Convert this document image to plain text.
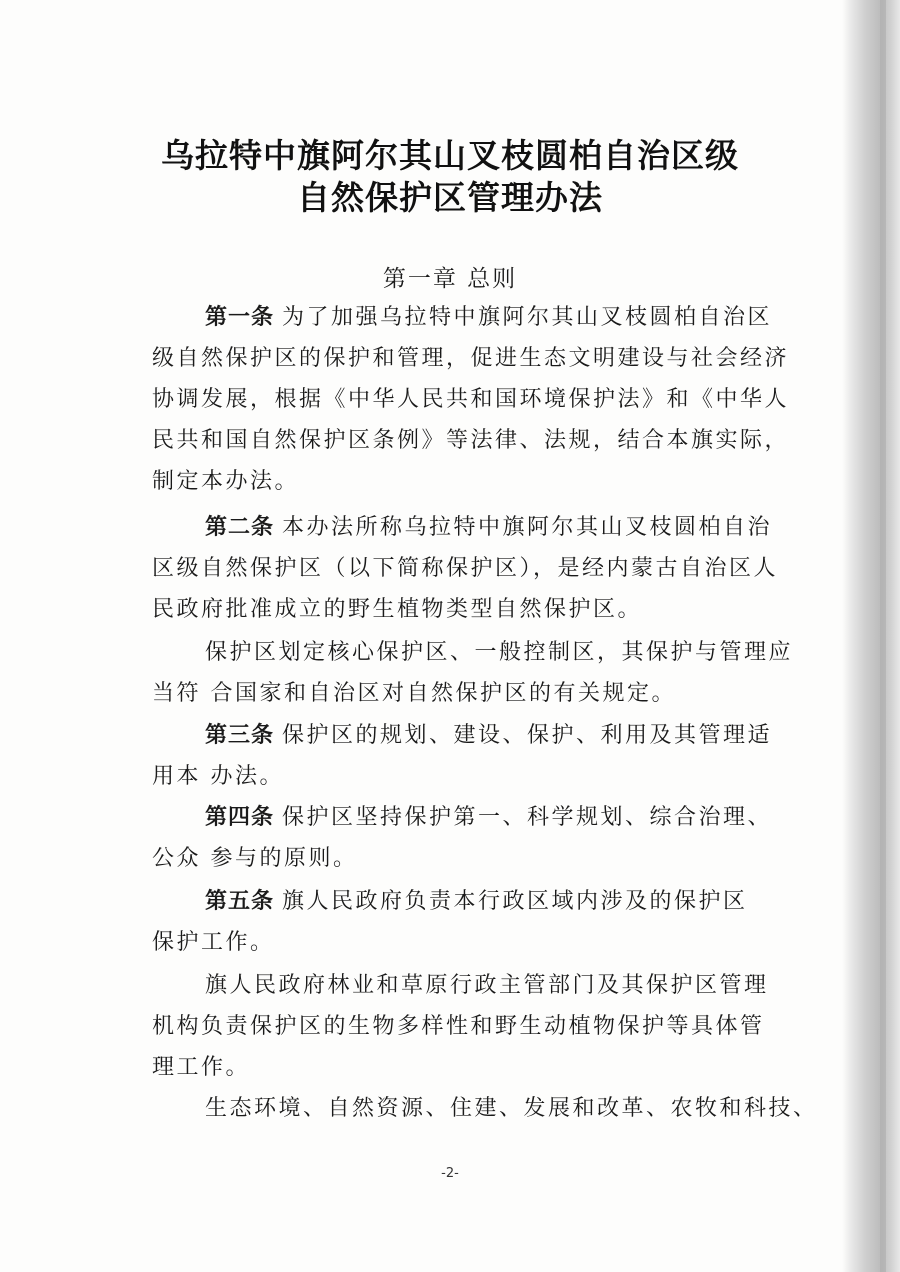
乌拉特中旗阿尔其山叉枝圆柏自治区级
自然保护区管理办法
第一章 总则
第一条 为了加强乌拉特中旗阿尔其山叉枝圆柏自治区
级自然保护区的保护和管理，促进生态文明建设与社会经济
协调发展，根据《中华人民共和国环境保护法》和《中华人
民共和国自然保护区条例》等法律、法规，结合本旗实际，
制定本办法。
第二条 本办法所称乌拉特中旗阿尔其山叉枝圆柏自治
区级自然保护区（以下简称保护区），是经内蒙古自治区人
民政府批准成立的野生植物类型自然保护区。
保护区划定核心保护区、一般控制区，其保护与管理应
当符 合国家和自治区对自然保护区的有关规定。
第三条 保护区的规划、建设、保护、利用及其管理适
用本 办法。
第四条 保护区坚持保护第一、科学规划、综合治理、
公众 参与的原则。
第五条 旗人民政府负责本行政区域内涉及的保护区
保护工作。
旗人民政府林业和草原行政主管部门及其保护区管理
机构负责保护区的生物多样性和野生动植物保护等具体管
理工作。
生态环境、自然资源、住建、发展和改革、农牧和科技、
-2-
